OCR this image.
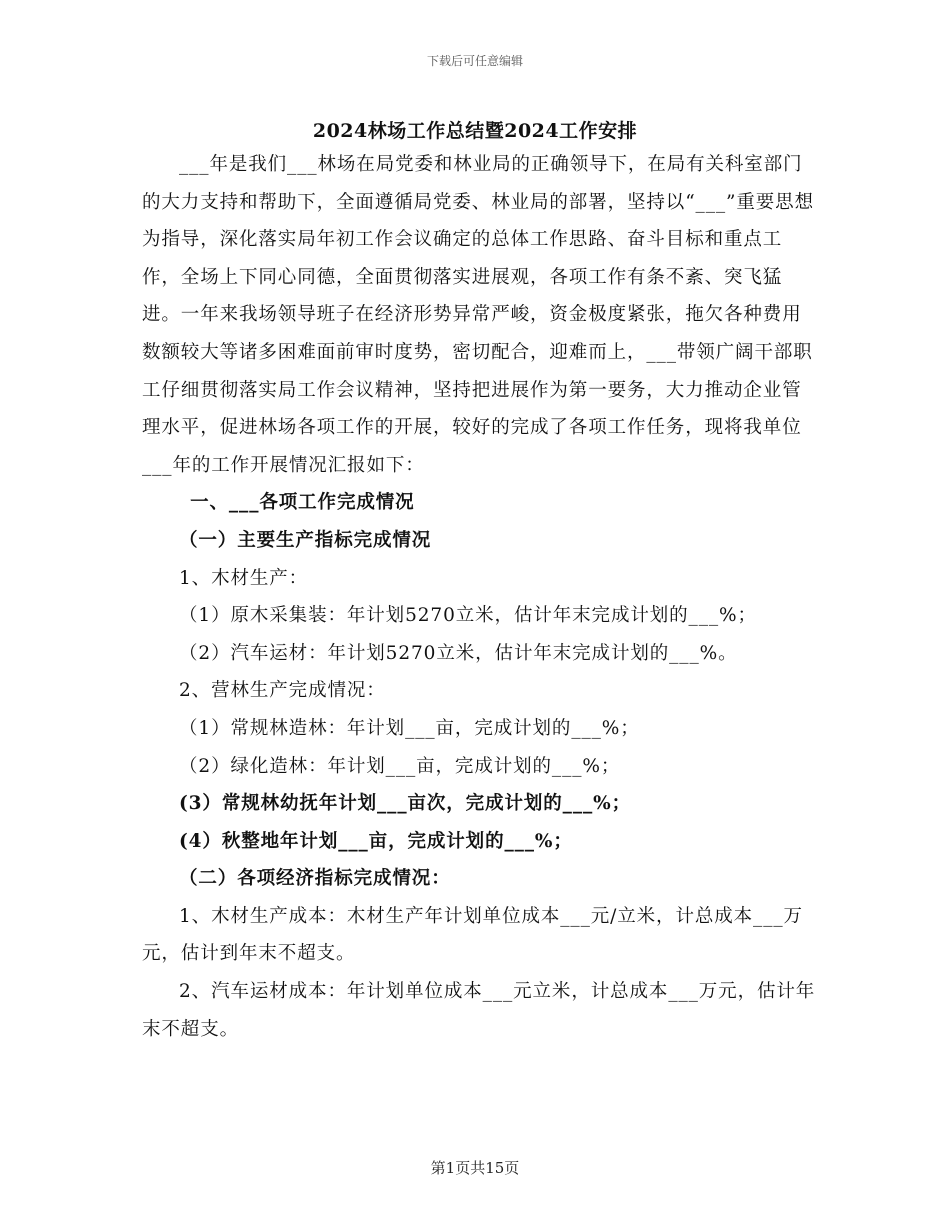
下载后可任意编辑
2024林场工作总结暨2024工作安排

___年是我们___林场在局党委和林业局的正确领导下，在局有关科室部门的大力支持和帮助下，全面遵循局党委、林业局的部署，坚持以“___”重要思想为指导，深化落实局年初工作会议确定的总体工作思路、奋斗目标和重点工作，全场上下同心同德，全面贯彻落实进展观，各项工作有条不紊、突飞猛进。一年来我场领导班子在经济形势异常严峻，资金极度紧张，拖欠各种费用数额较大等诸多困难面前审时度势，密切配合，迎难而上，___带领广阔干部职工仔细贯彻落实局工作会议精神，坚持把进展作为第一要务，大力推动企业管理水平，促进林场各项工作的开展，较好的完成了各项工作任务，现将我单位___年的工作开展情况汇报如下：

一、___各项工作完成情况

（一）主要生产指标完成情况

1、木材生产：

（1）原木采集装：年计划5270立米，估计年末完成计划的___%；

（2）汽车运材：年计划5270立米，估计年末完成计划的___%。

2、营林生产完成情况：

（1）常规林造林：年计划___亩，完成计划的___%；

（2）绿化造林：年计划___亩，完成计划的___%；

(3）常规林幼抚年计划___亩次，完成计划的___%；

(4）秋整地年计划___亩，完成计划的___%；

（二）各项经济指标完成情况：

1、木材生产成本：木材生产年计划单位成本___元/立米，计总成本___万元，估计到年末不超支。

2、汽车运材成本：年计划单位成本___元立米，计总成本___万元，估计年末不超支。

第1页共15页
